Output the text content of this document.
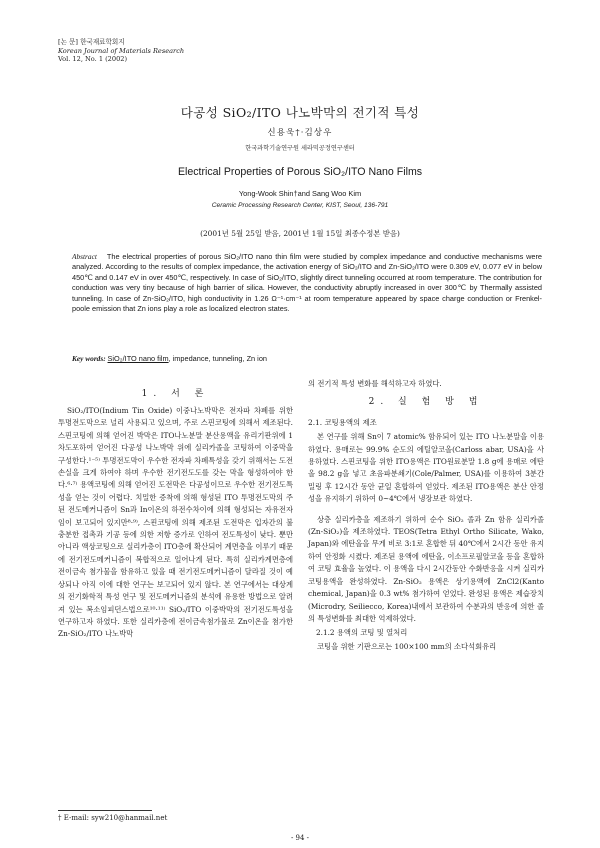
[논 문] 한국재료학회지
Korean Journal of Materials Research
Vol. 12, No. 1 (2002)
다공성 SiO₂/ITO 나노박막의 전기적 특성
신용욱†·김상우
한국과학기술연구원 세라믹공정연구센터
Electrical Properties of Porous SiO₂/ITO Nano Films
Yong-Wook Shin†and Sang Woo Kim
Ceramic Processing Research Center, KIST, Seoul, 136-791
(2001년 5월 25일 받음, 2001년 1월 15일 최종수정본 받음)
Abstract The electrical properties of porous SiO₂/ITO nano thin film were studied by complex impedance and conductive mechanisms were analyzed. According to the results of complex impedance, the activation energy of SiO₂/ITO and Zn-SiO₂/ITO were 0.309 eV, 0.077 eV in below 450℃ and 0.147 eV in over 450℃, respectively. In case of SiO₂/ITO, slightly direct tunneling occurred at room temperature. The contribution for conduction was very tiny because of high barrier of silica. However, the conductivity abruptly increased in over 300℃ by Thermally assisted tunneling. In case of Zn-SiO₂/ITO, high conductivity in 1.26 Ω⁻¹·cm⁻¹ at room temperature appeared by space charge conduction or Frenkel-poole emission that Zn ions play a role as localized electron states.
Key words: SiO₂/ITO nano film, impedance, tunneling, Zn ion
1. 서 론

SiO₂/ITO(Indium Tin Oxide) 이중나노박막은 전자파 차폐를 위한 투명전도막으로 널리 사용되고 있으며, 주로 스핀코팅에 의해서 제조된다. 스핀코팅에 의해 얻어진 박막은 ITO나노분말 분산용액을 유리기판위에 1차도포하여 얻어진 다공성 나노박막 위에 실리카졸을 코팅하여 이중막을 구성한다.¹⁻⁵⁾ 투명전도막이 우수한 전자파 차폐특성을 갖기 위해서는 도전손실을 크게 하여야 하며 우수한 전기전도도를 갖는 막을 형성하여야 한다.⁶·⁷⁾ 용액코팅에 의해 얻어진 도전막은 다공성이므로 우수한 전기전도특성을 얻는 것이 어렵다. 치밀한 증착에 의해 형성된 ITO 투명전도막의 주된 전도메커니즘이 Sn과 In이온의 하전수차이에 의해 형성되는 자유전자임이 보고되어 있지만⁸·⁹⁾, 스핀코팅에 의해 제조된 도전막은 입자간의 불충분한 접촉과 기공 등에 의한 저항 증가로 인하여 전도특성이 낮다. 뿐만 아니라 액상코팅으로 실리카층이 ITO층에 확산되어 계면층을 이루기 때문에 전기전도메커니즘이 복합적으로 일어나게 된다. 특히 실리카계면층에 전이금속 첨가물을 함유하고 있을 때 전기전도메커니즘이 달라질 것이 예상되나 아직 이에 대한 연구는 보고되어 있지 않다. 본 연구에서는 대상계의 전기화학적 특성 연구 및 전도메커니즘의 분석에 유용한 방법으로 알려져 있는 복소임피던스법으로¹⁰·¹¹⁾ SiO₂/ITO 이중박막의 전기전도특성을 연구하고자 하였다. 또한 실리카층에 전이금속첨가물로 Zn이온을 첨가한 Zn-SiO₂/ITO 나노박막

의 전기적 특성 변화를 해석하고자 하였다.

2. 실 험 방 법
2.1. 코팅용액의 제조

본 연구를 위해 Sn이 7 atomic% 함유되어 있는 ITO 나노분말을 이용하였다. 용매로는 99.9% 순도의 에틸알코올(Carloss abar, USA)을 사용하였다. 스핀코팅을 위한 ITO용액은 ITO원료분말 1.8 g에 용매로 에탄올 98.2 g을 넣고 초음파분쇄기(Cole/Palmer, USA)를 이용하여 3분간 밀링 후 12시간 동안 균일 혼합하여 얻었다. 제조된 ITO용액은 분산 안정성을 유지하기 위하여 0~4℃에서 냉장보관 하였다.

상층 실리카층을 제조하기 위하여 순수 SiO₂ 졸과 Zn 함유 실리카졸(Zn-SiO₂)을 제조하였다. TEOS(Tetra Ethyl Ortho Silicate, Wako, Japan)와 에탄올을 무게 비로 3:1로 혼합한 뒤 40℃에서 2시간 동안 유지하여 안정화 시켰다. 제조된 용액에 에탄올, 이소프로필알코올 등을 혼합하여 코팅 효율을 높였다. 이 용액을 다시 2시간동안 수화반응을 시켜 실리카코팅용액을 완성하였다. Zn-SiO₂ 용액은 상기용액에 ZnCl2(Kanto chemical, Japan)을 0.3 wt% 첨가하여 얻었다. 완성된 용액은 제습장치(Microdry, Seiliecco, Korea)내에서 보관하여 수분과의 반응에 의한 졸의 특성변화를 최대한 억제하였다.

2.1.2 용액의 코팅 및 열처리

코팅을 위한 기판으로는 100×100 mm의 소다석회유리

† E-mail: syw210@hanmail.net
- 94 -
